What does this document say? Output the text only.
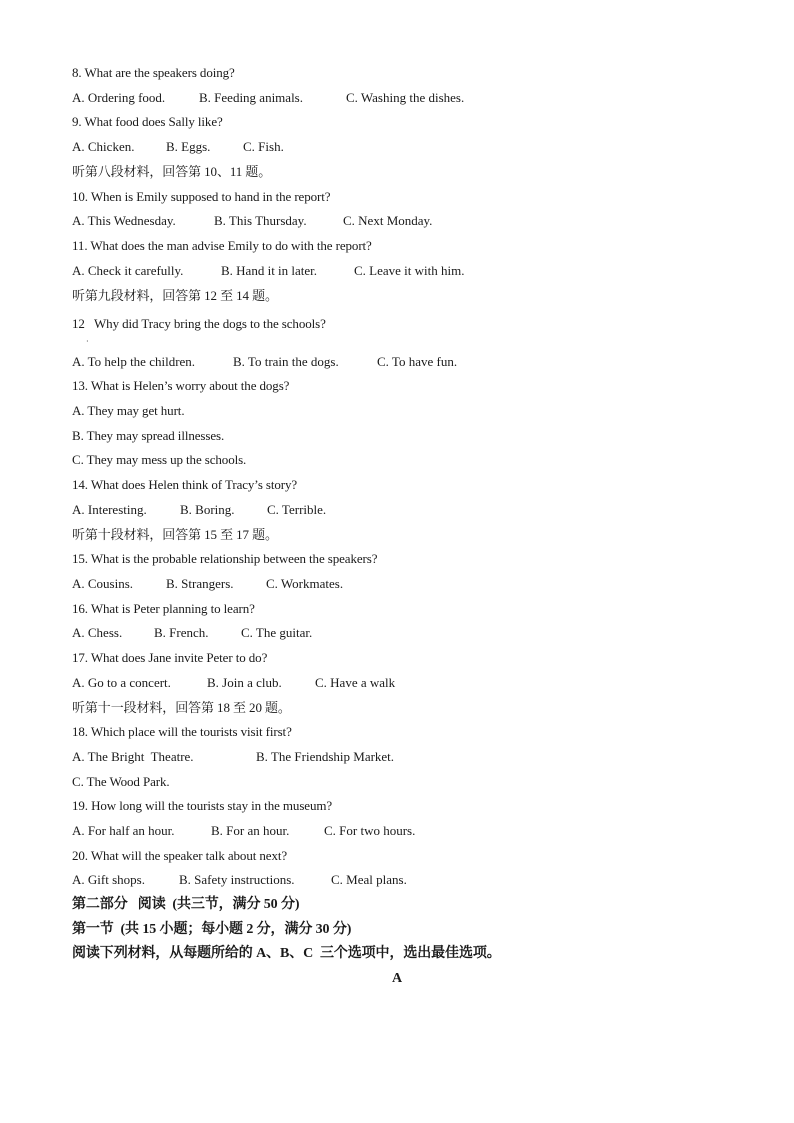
8. What are the speakers doing?
A. Ordering food.	B. Feeding animals.	C. Washing the dishes.
9. What food does Sally like?
A. Chicken. B. Eggs.	C. Fish.
听第八段材料，回答第 10、11 题。
10. When is Emily supposed to hand in the report?
A. This Wednesday.	B. This Thursday.	C. Next Monday.
11. What does the man advise Emily to do with the report?
A. Check it carefully.	B. Hand it in later.	C. Leave it with him.
听第九段材料，回答第 12 至 14 题。
12   Why did Tracy bring the dogs to the schools?
·
A. To help the children.	B. To train the dogs.	C. To have fun.
13. What is Helen’s worry about the dogs?
A. They may get hurt.
B. They may spread illnesses.
C. They may mess up the schools.
14. What does Helen think of Tracy’s story?
A. Interesting.	B. Boring. C. Terrible.
听第十段材料，回答第 15 至 17 题。
15. What is the probable relationship between the speakers?
A. Cousins.	B. Strangers. C. Workmates.
16. What is Peter planning to learn?
A. Chess. B. French. C. The guitar.
17. What does Jane invite Peter to do?
A. Go to a concert.	B. Join a club.	C. Have a walk
听第十一段材料，回答第 18 至 20 题。
18. Which place will the tourists visit first?
A. The Bright  Theatre.	B. The Friendship Market.
C. The Wood Park.
19. How long will the tourists stay in the museum?
A. For half an hour.	B. For an hour.	C. For two hours.
20. What will the speaker talk about next?
A. Gift shops.	B. Safety instructions.	C. Meal plans.
第二部分   阅读  (共三节，满分 50 分)
第一节  (共 15 小题；每小题 2 分，满分 30 分)
阅读下列材料，从每题所给的 A、B、C  三个选项中，选出最佳选项。
A
